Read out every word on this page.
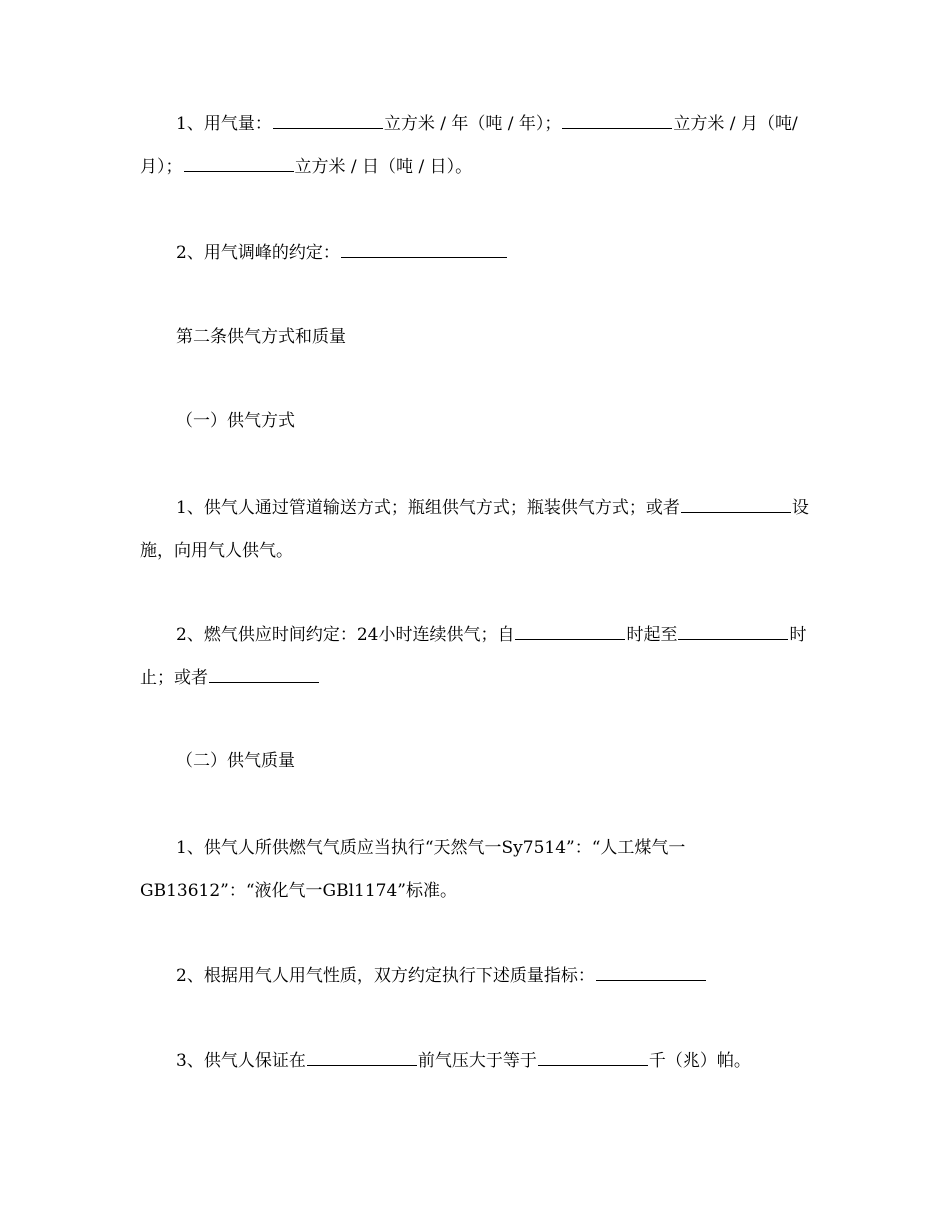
1、用气量：	立方米 / 年（吨 / 年）；	立方米 / 月（吨/月）；	立方米 / 日（吨 / 日）。

2、用气调峰的约定：

第二条供气方式和质量

（一）供气方式

1、供气人通过管道输送方式；瓶组供气方式；瓶装供气方式；或者	设施，向用气人供气。

2、燃气供应时间约定：24小时连续供气；自	时起至	时止；或者

（二）供气质量

1、供气人所供燃气气质应当执行“天然气一Sy7514”：“人工煤气一GB13612”：“液化气一GBl1174”标准。

2、根据用气人用气性质，双方约定执行下述质量指标：

3、供气人保证在	前气压大于等于	千（兆）帕。
